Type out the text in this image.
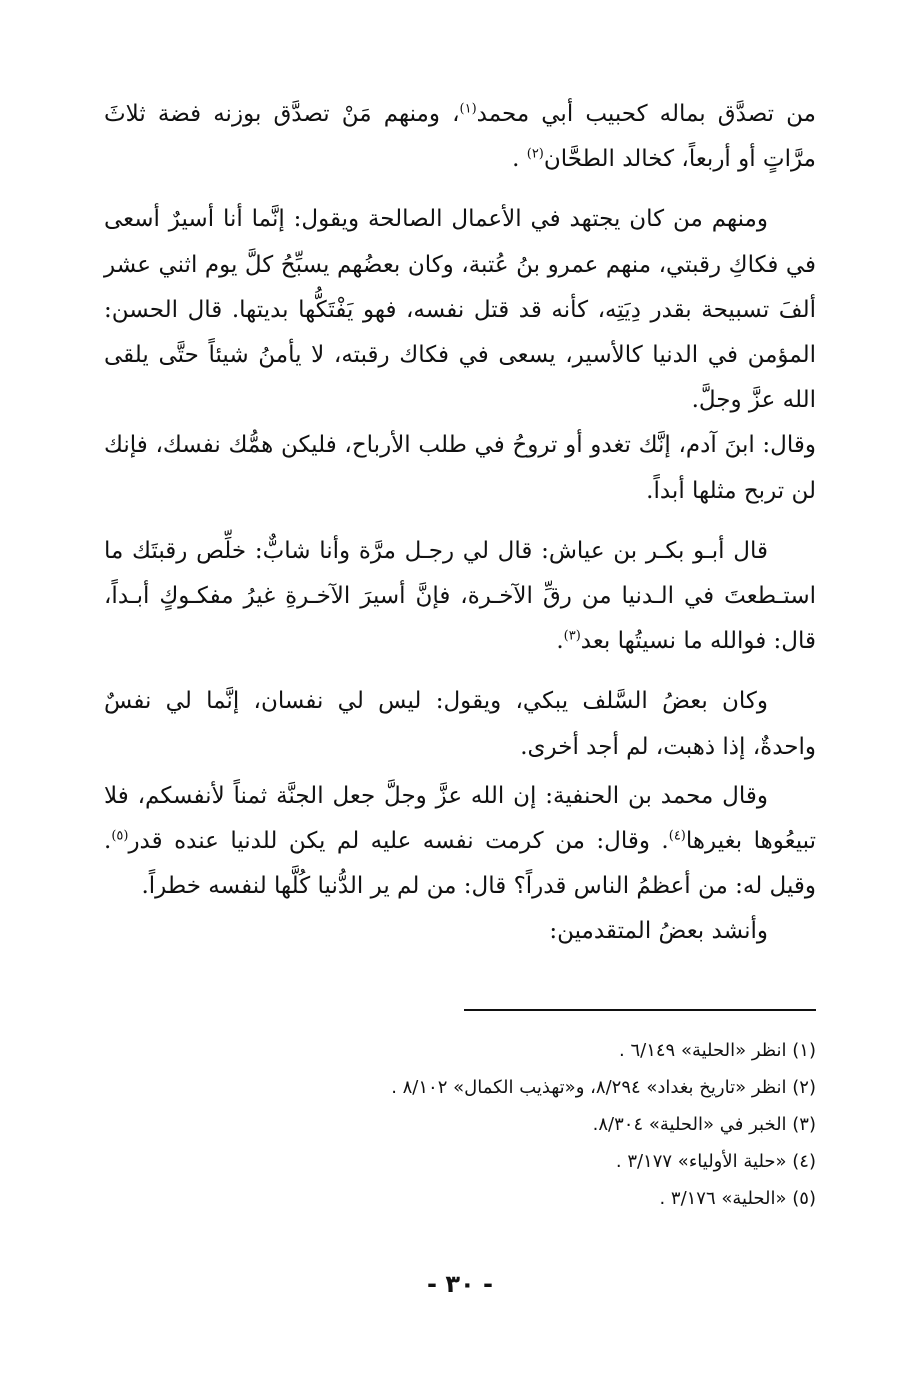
من تصدَّق بماله كحبيب أبي محمد$^{(١)}$، ومنهم مَنْ تصدَّق بوزنه فضة ثلاثَ مرَّاتٍ أو أربعاً، كخالد الطحَّان$^{(٢)}$ .

ومنهم من كان يجتهد في الأعمال الصالحة ويقول: إنَّما أنا أسيرٌ أسعى في فكاكِ رقبتي، منهم عمرو بنُ عُتبة، وكان بعضُهم يسبِّحُ كلَّ يوم اثني عشر ألفَ تسبيحة بقدر دِيَتِه، كأنه قد قتل نفسه، فهو يَفْتَكُّها بديتها. قال الحسن: المؤمن في الدنيا كالأسير، يسعى في فكاك رقبته، لا يأمنُ شيئاً حتَّى يلقى الله عزَّ وجلَّ.

وقال: ابنَ آدم، إنَّك تغدو أو تروحُ في طلب الأرباح، فليكن همُّك نفسك، فإنك لن تربح مثلها أبداً.

قال أبـو بكـر بن عياش: قال لي رجـل مرَّة وأنا شابٌّ: خلِّص رقبتَك ما استـطعتَ في الـدنيا من رقِّ الآخـرة، فإنَّ أسيرَ الآخـرةِ غيرُ مفكـوكٍ أبـداً، قال: فوالله ما نسيتُها بعد$^{(٣)}$.

وكان بعضُ السَّلف يبكي، ويقول: ليس لي نفسان، إنَّما لي نفسٌ واحدةٌ، إذا ذهبت، لم أجد أخرى.

وقال محمد بن الحنفية: إن الله عزَّ وجلَّ جعل الجنَّة ثمناً لأنفسكم، فلا تبيعُوها بغيرها$^{(٤)}$. وقال: من كرمت نفسه عليه لم يكن للدنيا عنده قدر$^{(٥)}$. وقيل له: من أعظمُ الناس قدراً؟ قال: من لم ير الدُّنيا كُلَّها لنفسه خطراً.

وأنشد بعضُ المتقدمين:

(١) انظر «الحلية» ٦/١٤٩ .

(٢) انظر «تاريخ بغداد» ٨/٢٩٤، و«تهذيب الكمال» ٨/١٠٢ .

(٣) الخبر في «الحلية» ٨/٣٠٤.

(٤) «حلية الأولياء» ٣/١٧٧ .

(٥) «الحلية» ٣/١٧٦ .

- ٣٠ -
